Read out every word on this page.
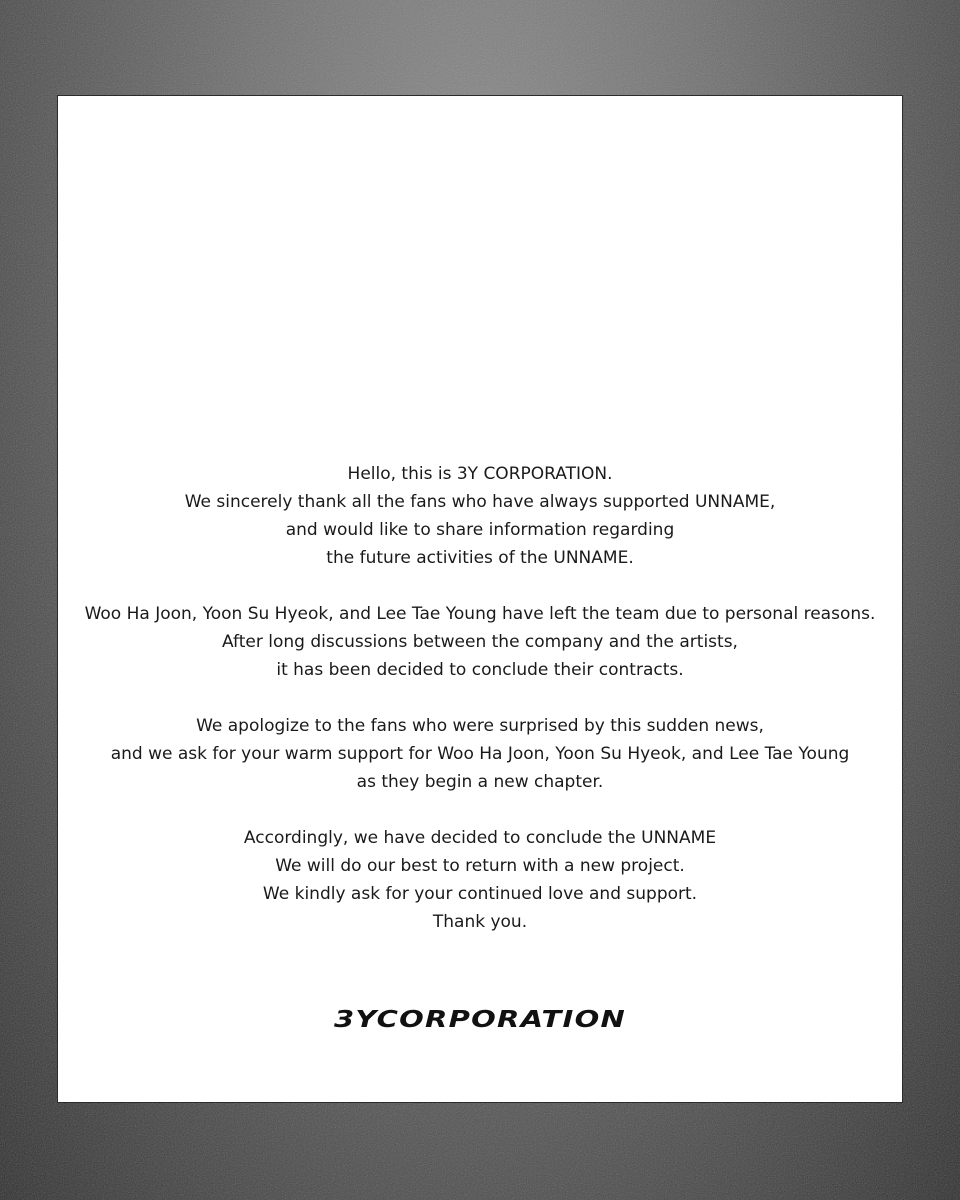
Hello, this is 3Y CORPORATION.
We sincerely thank all the fans who have always supported UNNAME,
and would like to share information regarding
the future activities of the UNNAME.

Woo Ha Joon, Yoon Su Hyeok, and Lee Tae Young have left the team due to personal reasons.
After long discussions between the company and the artists,
it has been decided to conclude their contracts.

We apologize to the fans who were surprised by this sudden news,
and we ask for your warm support for Woo Ha Joon, Yoon Su Hyeok, and Lee Tae Young
as they begin a new chapter.

Accordingly, we have decided to conclude the UNNAME
We will do our best to return with a new project.
We kindly ask for your continued love and support.
Thank you.

3YCORPORATION
